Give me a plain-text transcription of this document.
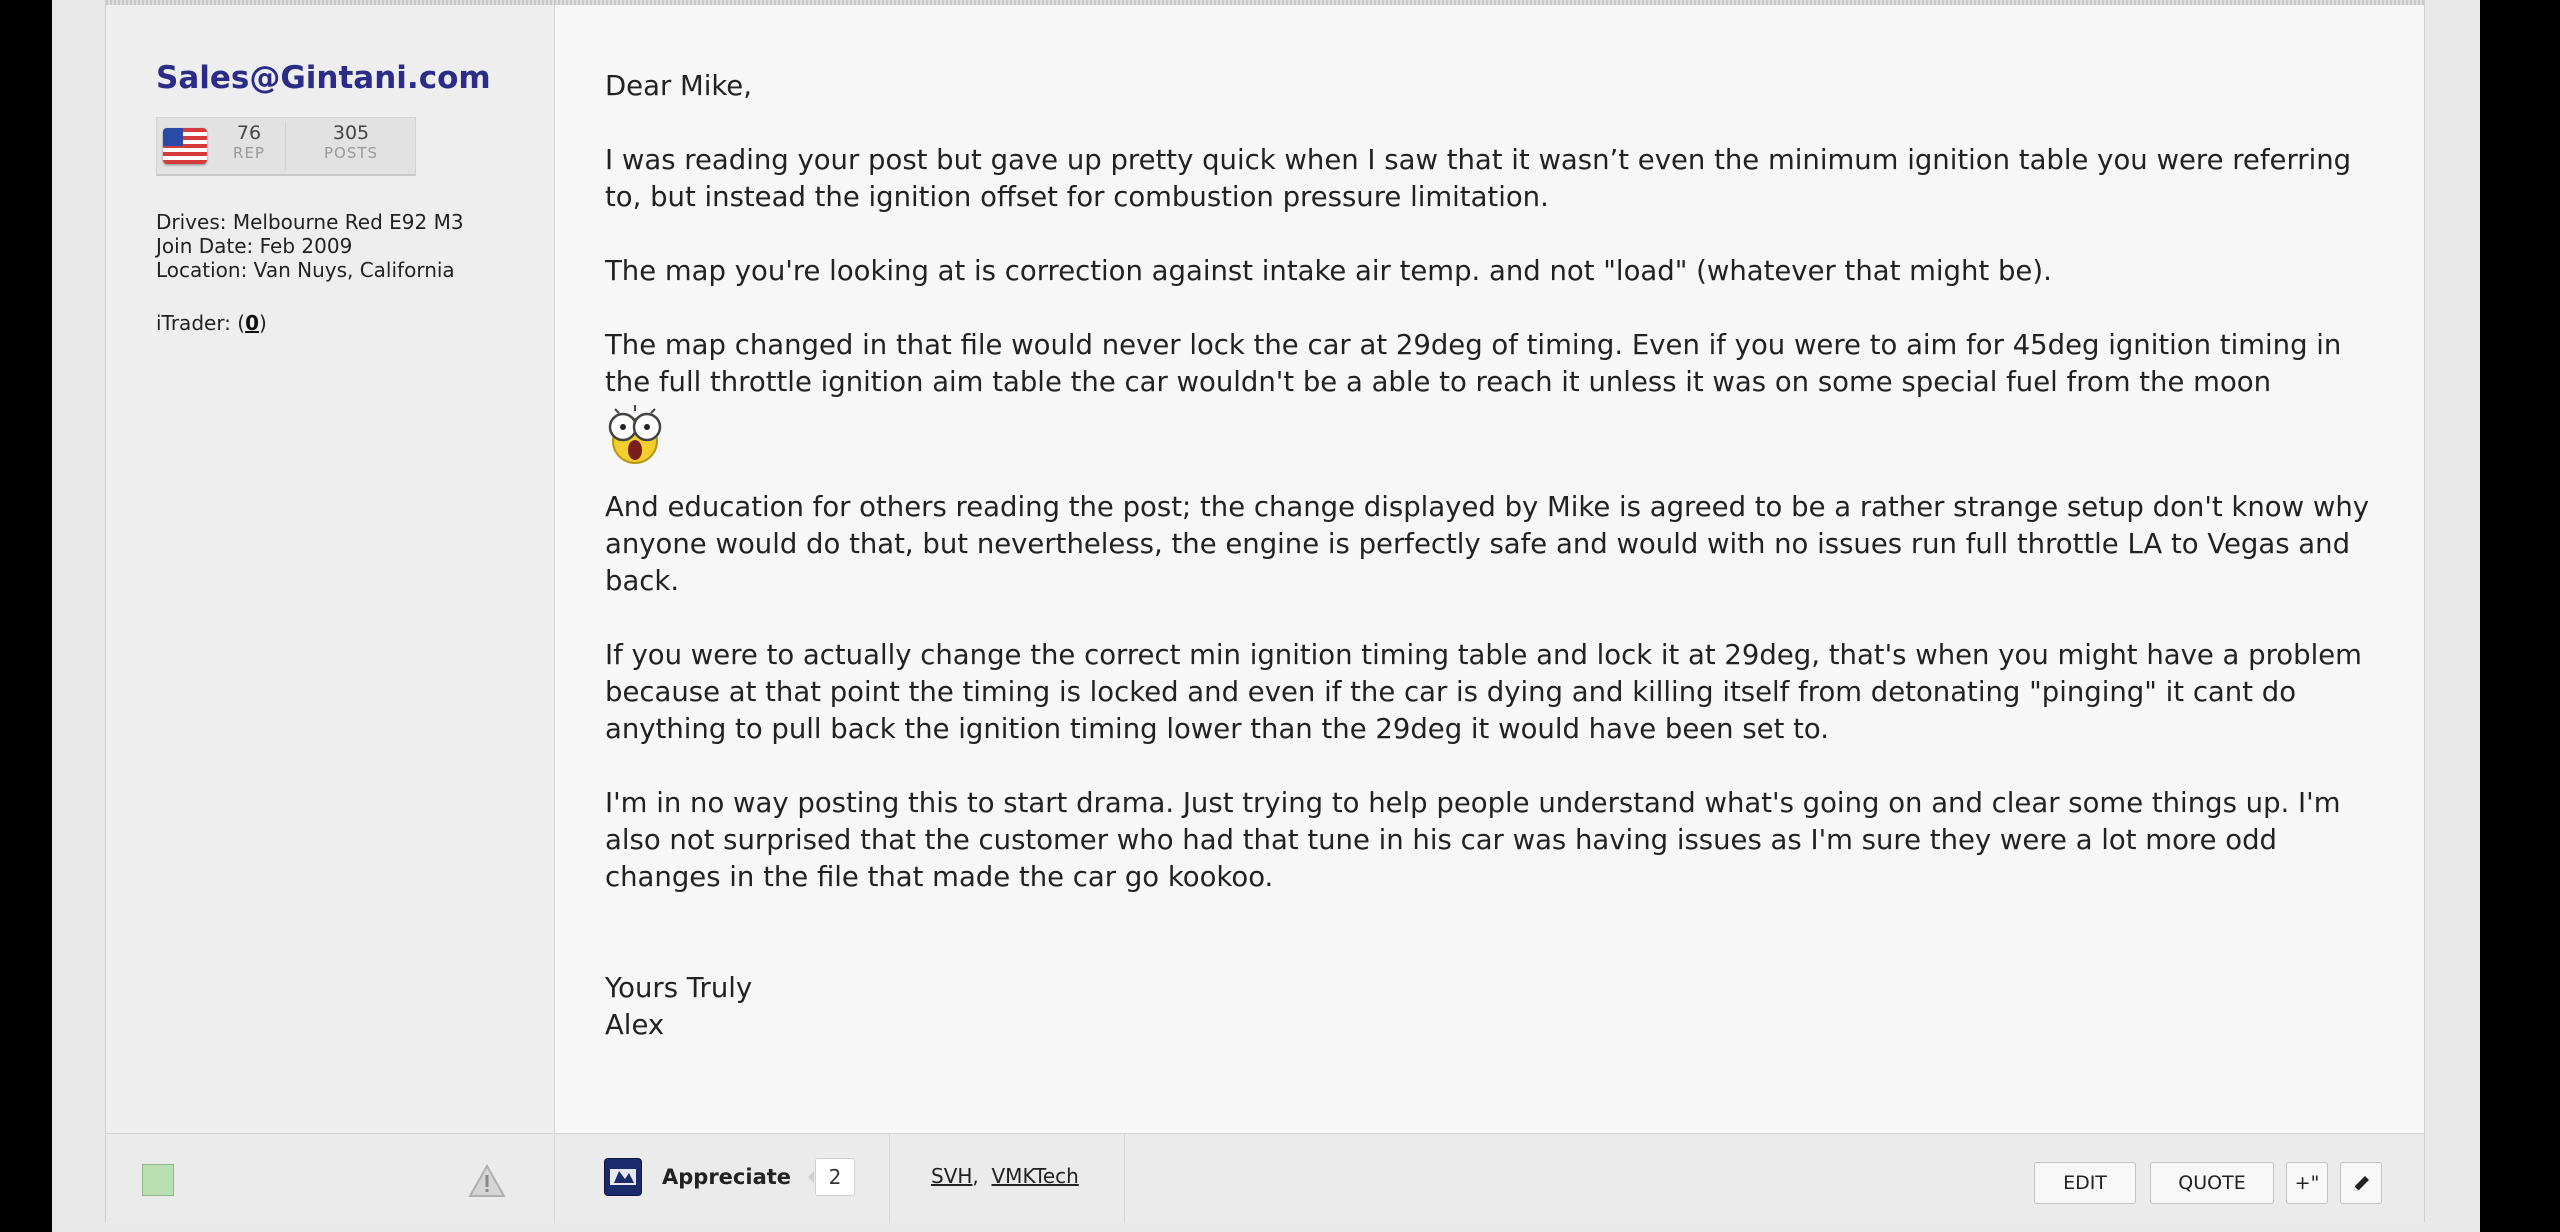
Sales@Gintani.com
76
REP
305
POSTS
Drives: Melbourne Red E92 M3
Join Date: Feb 2009
Location: Van Nuys, California
iTrader: (0)

Dear Mike,

I was reading your post but gave up pretty quick when I saw that it wasn’t even the minimum ignition table you were referring to, but instead the ignition offset for combustion pressure limitation.

The map you're looking at is correction against intake air temp. and not "load" (whatever that might be).

The map changed in that file would never lock the car at 29deg of timing. Even if you were to aim for 45deg ignition timing in the full throttle ignition aim table the car wouldn't be a able to reach it unless it was on some special fuel from the moon

And education for others reading the post; the change displayed by Mike is agreed to be a rather strange setup don't know why anyone would do that, but nevertheless, the engine is perfectly safe and would with no issues run full throttle LA to Vegas and back.

If you were to actually change the correct min ignition timing table and lock it at 29deg, that's when you might have a problem because at that point the timing is locked and even if the car is dying and killing itself from detonating "pinging" it cant do anything to pull back the ignition timing lower than the 29deg it would have been set to.

I'm in no way posting this to start drama. Just trying to help people understand what's going on and clear some things up. I'm also not surprised that the customer who had that tune in his car was having issues as I'm sure they were a lot more odd changes in the file that made the car go kookoo.

Yours Truly
Alex
Appreciate	2	SVH, VMKTech	EDIT	QUOTE	+"
